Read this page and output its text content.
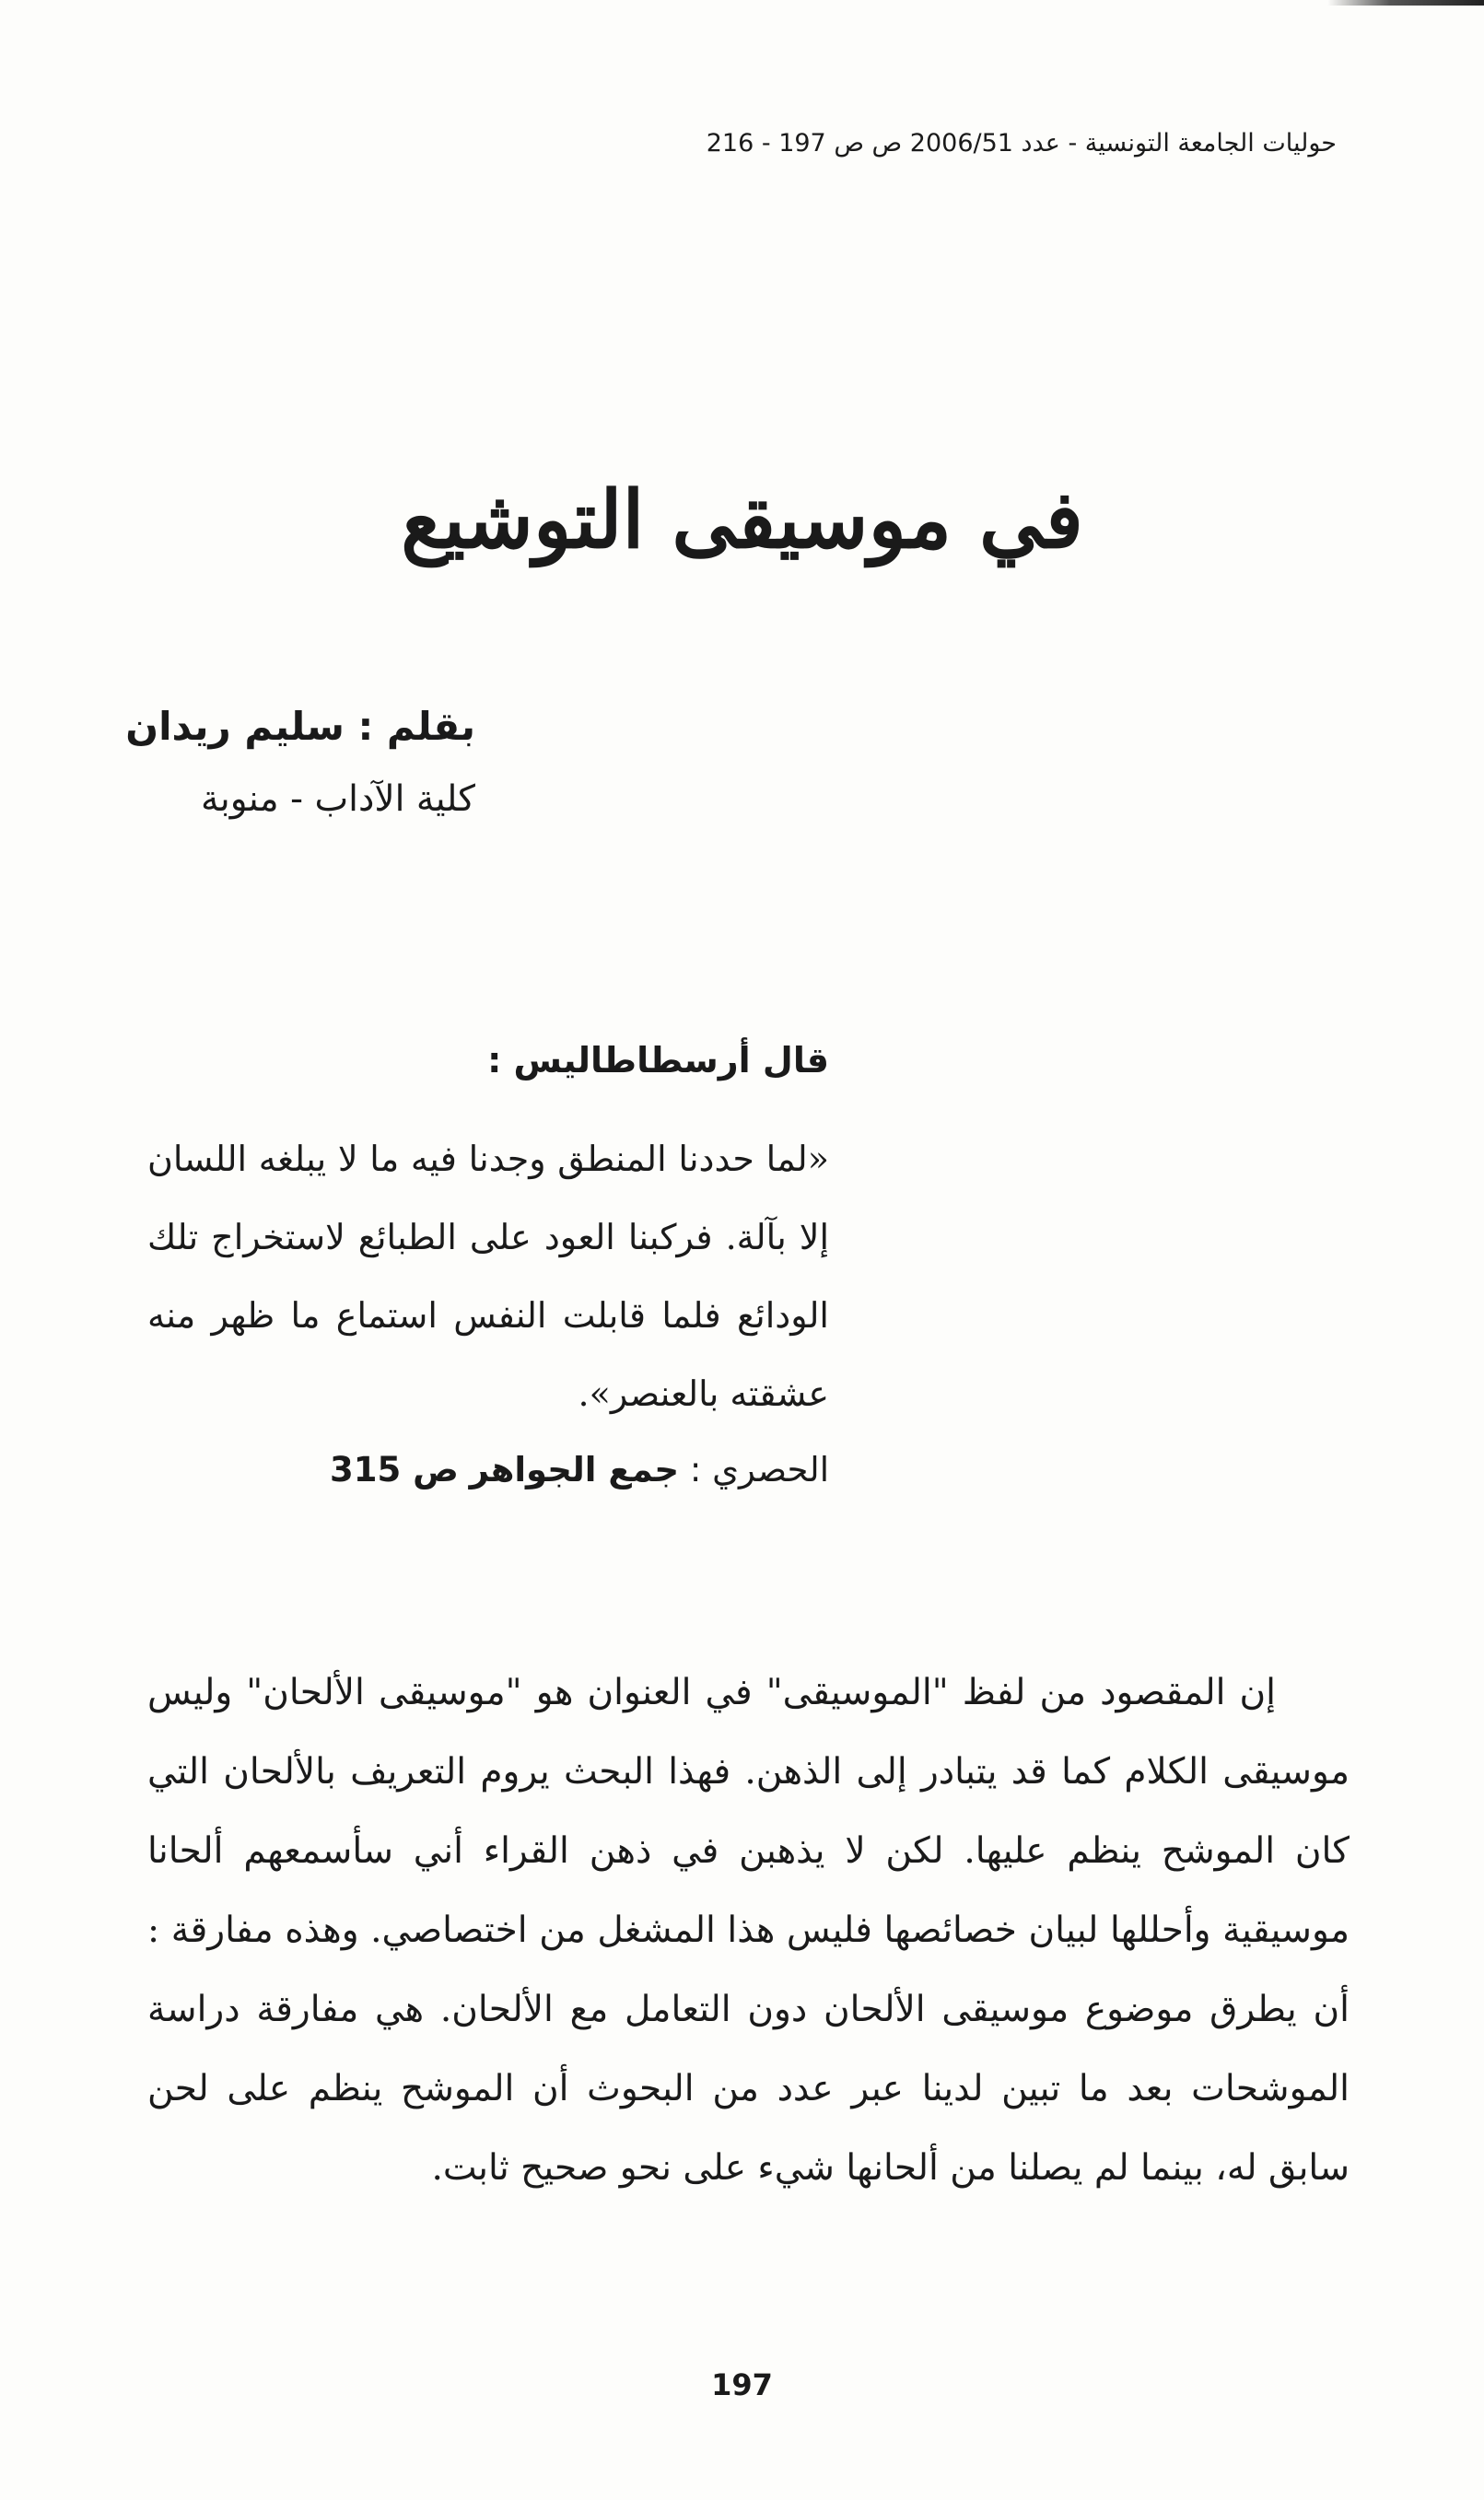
حوليات الجامعة التونسية - عدد 2006/51 ص ص 197 - 216
في موسيقى التوشيع
بقلم : سليم ريدان
كلية الآداب - منوبة
قال أرسطاطاليس :
«لما حددنا المنطق وجدنا فيه ما لا يبلغه اللسان إلا بآلة. فركبنا العود على الطبائع لاستخراج تلك الودائع فلما قابلت النفس استماع ما ظهر منه عشقته بالعنصر».
الحصري : جمع الجواهر ص 315

إن المقصود من لفظ "الموسيقى" في العنوان هو "موسيقى الألحان" وليس موسيقى الكلام كما قد يتبادر إلى الذهن. فهذا البحث يروم التعريف بالألحان التي كان الموشح ينظم عليها. لكن لا يذهبن في ذهن القراء أني سأسمعهم ألحانا موسيقية وأحللها لبيان خصائصها فليس هذا المشغل من اختصاصي. وهذه مفارقة : أن يطرق موضوع موسيقى الألحان دون التعامل مع الألحان. هي مفارقة دراسة الموشحات بعد ما تبين لدينا عبر عدد من البحوث أن الموشح ينظم على لحن سابق له، بينما لم يصلنا من ألحانها شيء على نحو صحيح ثابت.

197
